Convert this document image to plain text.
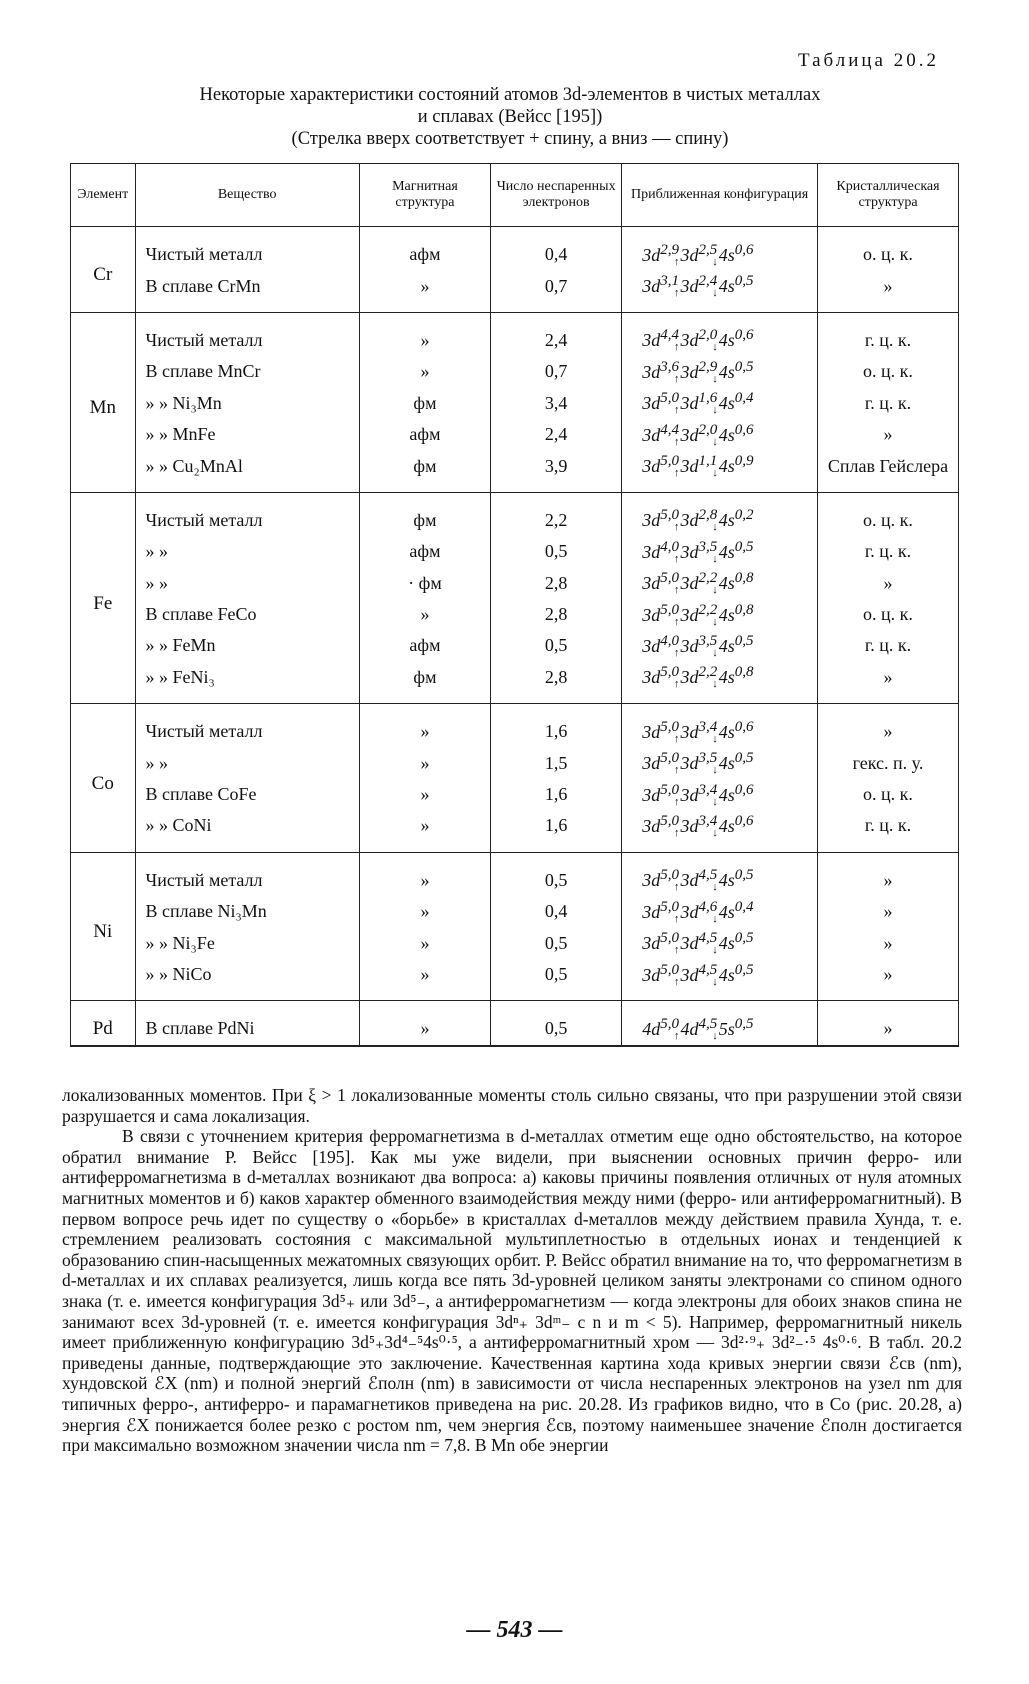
Таблица 20.2
Некоторые характеристики состояний атомов 3d-элементов в чистых металлах
и сплавах (Вейсс [195])
(Стрелка вверх соответствует + спину, а вниз — спину)
Элемент	Вещество	Магнитная структура	Число неспаренных электронов	Приближенная конфигурация	Кристаллическая структура
Cr	Чистый металл	афм	0,4	$3d^{2,9}↑3d^{2,5}↓4s^{0,6}$	о. ц. к.
	В сплаве CrMn	»	0,7	$3d^{3,1}↑3d^{2,4}↓4s^{0,5}$	»
Mn	Чистый металл	»	2,4	$3d^{4,4}↑3d^{2,0}↓4s^{0,6}$	г. ц. к.
	В сплаве MnCr	»	0,7	$3d^{3,6}↑3d^{2,9}↓4s^{0,5}$	о. ц. к.
	» » Ni₃Mn	фм	3,4	$3d^{5,0}↑3d^{1,6}↓4s^{0,4}$	г. ц. к.
	» » MnFe	афм	2,4	$3d^{4,4}↑3d^{2,0}↓4s^{0,6}$	»
	» » Cu₂MnAl	фм	3,9	$3d^{5,0}↑3d^{1,1}↓4s^{0,9}$	Сплав Гейслера
Fe	Чистый металл	фм	2,2	$3d^{5,0}↑3d^{2,8}↓4s^{0,2}$	о. ц. к.
	» »	афм	0,5	$3d^{4,0}↑3d^{3,5}↓4s^{0,5}$	г. ц. к.
	» »	· фм	2,8	$3d^{5,0}↑3d^{2,2}↓4s^{0,8}$	»
	В сплаве FeCo	»	2,8	$3d^{5,0}↑3d^{2,2}↓4s^{0,8}$	о. ц. к.
	» » FeMn	афм	0,5	$3d^{4,0}↑3d^{3,5}↓4s^{0,5}$	г. ц. к.
	» » FeNi₃	фм	2,8	$3d^{5,0}↑3d^{2,2}↓4s^{0,8}$	»
Co	Чистый металл	»	1,6	$3d^{5,0}↑3d^{3,4}↓4s^{0,6}$	»
	» »	»	1,5	$3d^{5,0}↑3d^{3,5}↓4s^{0,5}$	гекс. п. у.
	В сплаве CoFe	»	1,6	$3d^{5,0}↑3d^{3,4}↓4s^{0,6}$	о. ц. к.
	» » CoNi	»	1,6	$3d^{5,0}↑3d^{3,4}↓4s^{0,6}$	г. ц. к.
Ni	Чистый металл	»	0,5	$3d^{5,0}↑3d^{4,5}↓4s^{0,5}$	»
	В сплаве Ni₃Mn	»	0,4	$3d^{5,0}↑3d^{4,6}↓4s^{0,4}$	»
	» » Ni₃Fe	»	0,5	$3d^{5,0}↑3d^{4,5}↓4s^{0,5}$	»
	» » NiCo	»	0,5	$3d^{5,0}↑3d^{4,5}↓4s^{0,5}$	»
Pd	В сплаве PdNi	»	0,5	$4d^{5,0}↑4d^{4,5}↓5s^{0,5}$	»

локализованных моментов. При ξ > 1 локализованные моменты столь сильно связаны, что при разрушении этой связи разрушается и сама локализация.

В связи с уточнением критерия ферромагнетизма в d-металлах отметим еще одно обстоятельство, на которое обратил внимание Р. Вейсс [195]. Как мы уже видели, при выяснении основных причин ферро- или антиферромагнетизма в d-металлах возникают два вопроса: а) каковы причины появления отличных от нуля атомных магнитных моментов и б) каков характер обменного взаимодействия между ними (ферро- или антиферромагнитный). В первом вопросе речь идет по существу о «борьбе» в кристаллах d-металлов между действием правила Хунда, т. е. стремлением реализовать состояния с максимальной мультиплетностью в отдельных ионах и тенденцией к образованию спин-насыщенных межатомных связующих орбит. Р. Вейсс обратил внимание на то, что ферромагнетизм в d-металлах и их сплавах реализуется, лишь когда все пять 3d-уровней целиком заняты электронами со спином одного знака (т. е. имеется конфигурация 3d⁵₊ или 3d⁵₋, а антиферромагнетизм — когда электроны для обоих знаков спина не занимают всех 3d-уровней (т. е. имеется конфигурация 3dⁿ₊ 3dᵐ₋ с n и m < 5). Например, ферромагнитный никель имеет приближенную конфигурацию 3d⁵₊3d⁴₋⁵4s⁰·⁵, а антиферромагнитный хром — 3d²·⁹₊ 3d²₋·⁵ 4s⁰·⁶. В табл. 20.2 приведены данные, подтверждающие это заключение. Качественная картина хода кривых энергии связи ℰсв (nm), хундовской ℰX (nm) и полной энергий ℰполн (nm) в зависимости от числа неспаренных электронов на узел nm для типичных ферро-, антиферро- и парамагнетиков приведена на рис. 20.28. Из графиков видно, что в Co (рис. 20.28, а) энергия ℰX понижается более резко с ростом nm, чем энергия ℰсв, поэтому наименьшее значение ℰполн достигается при максимально возможном значении числа nm = 7,8. В Mn обе энергии

— 543 —
